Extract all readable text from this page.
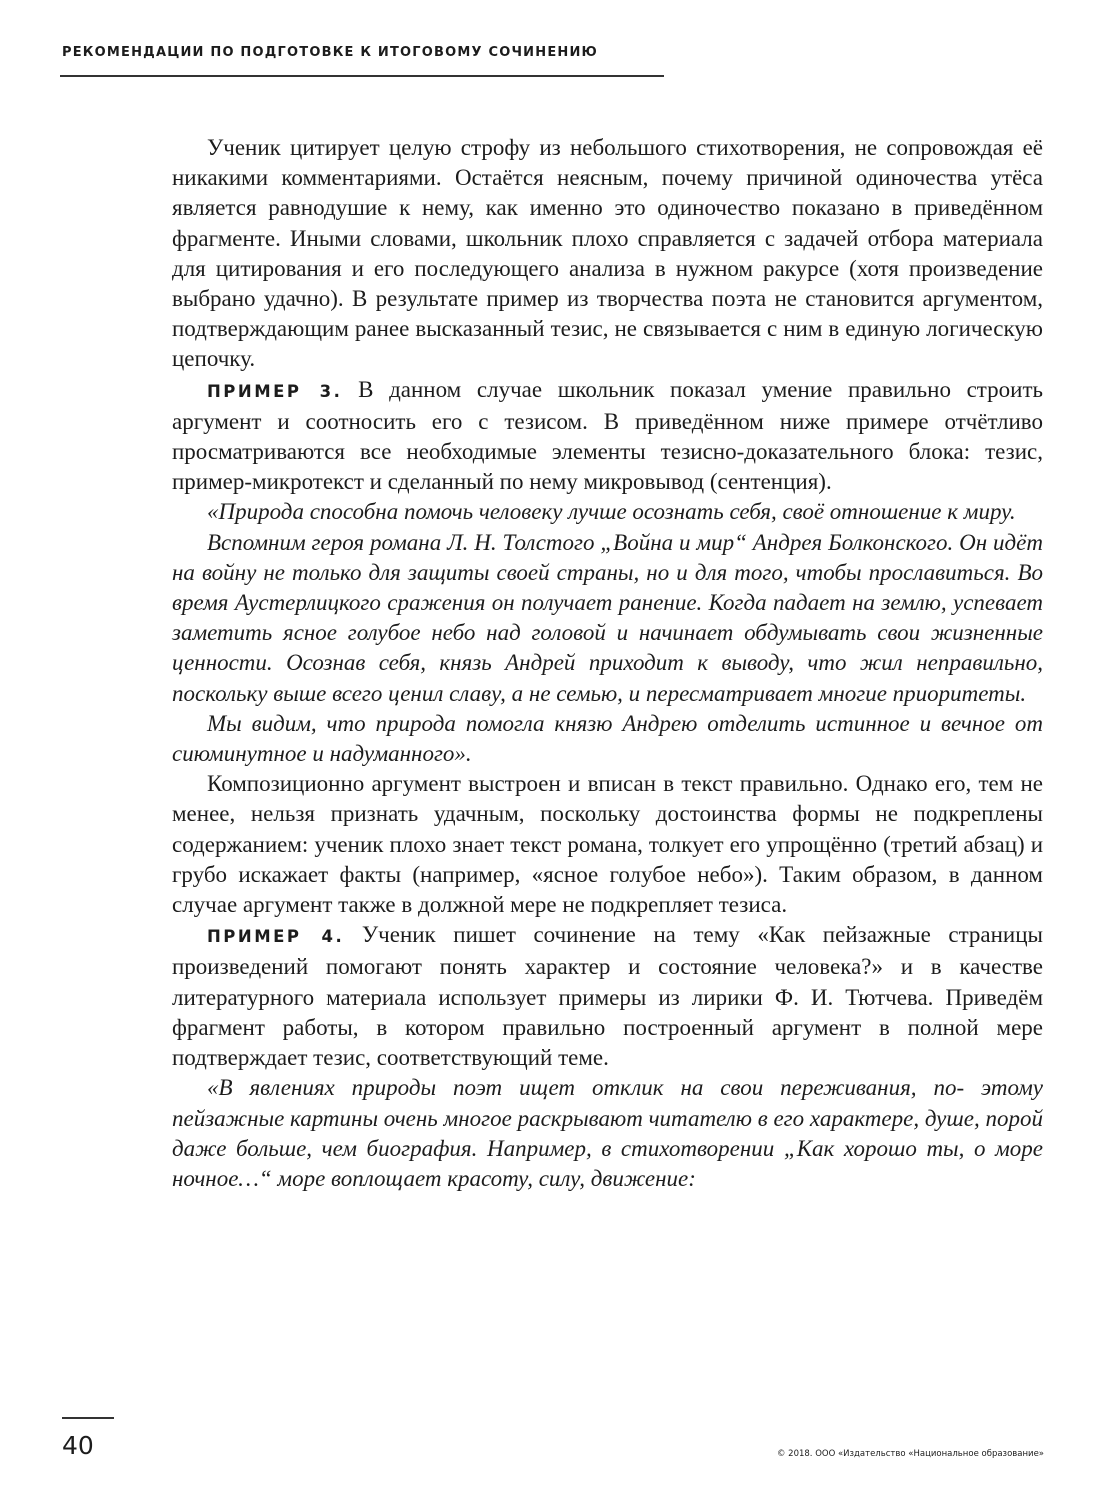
РЕКОМЕНДАЦИИ ПО ПОДГОТОВКЕ К ИТОГОВОМУ СОЧИНЕНИЮ

Ученик цитирует целую строфу из небольшого стихотворения, не сопровождая её никакими комментариями. Остаётся неясным, почему причиной одиночества утёса является равнодушие к нему, как именно это одиночество показано в приведённом фрагменте. Иными словами, школьник плохо справляется с задачей отбора материала для цитирования и его последующего анализа в нужном ракурсе (хотя произведение выбрано удачно). В результате пример из творчества поэта не становится аргументом, подтверждающим ранее высказанный тезис, не связывается с ним в единую логическую цепочку.

ПРИМЕР 3. В данном случае школьник показал умение правильно строить аргумент и соотносить его с тезисом. В приведённом ниже примере отчётливо просматриваются все необходимые элементы тезисно-доказательного блока: тезис, пример-микротекст и сделанный по нему микровывод (сентенция).

«Природа способна помочь человеку лучше осознать себя, своё отношение к миру.

Вспомним героя романа Л. Н. Толстого „Война и мир“ Андрея Болконского. Он идёт на войну не только для защиты своей страны, но и для того, чтобы прославиться. Во время Аустерлицкого сражения он получает ранение. Когда падает на землю, успевает заметить ясное голубое небо над головой и начинает обдумывать свои жизненные ценности. Осознав себя, князь Андрей приходит к выводу, что жил неправильно, поскольку выше всего ценил славу, а не семью, и пересматривает многие приоритеты.

Мы видим, что природа помогла князю Андрею отделить истинное и вечное от сиюминутное и надуманного».

Композиционно аргумент выстроен и вписан в текст правильно. Однако его, тем не менее, нельзя признать удачным, поскольку достоинства формы не подкреплены содержанием: ученик плохо знает текст романа, толкует его упрощённо (третий абзац) и грубо искажает факты (например, «ясное голубое небо»). Таким образом, в данном случае аргумент также в должной мере не подкрепляет тезиса.

ПРИМЕР 4. Ученик пишет сочинение на тему «Как пейзажные страницы произведений помогают понять характер и состояние человека?» и в качестве литературного материала использует примеры из лирики Ф. И. Тютчева. Приведём фрагмент работы, в котором правильно построенный аргумент в полной мере подтверждает тезис, соответствующий теме.

«В явлениях природы поэт ищет отклик на свои переживания, по- этому пейзажные картины очень многое раскрывают читателю в его характере, душе, порой даже больше, чем биография. Например, в стихотворении „Как хорошо ты, о море ночное…“ море воплощает красоту, силу, движение:

40	© 2018. ООО «Издательство «Национальное образование»
